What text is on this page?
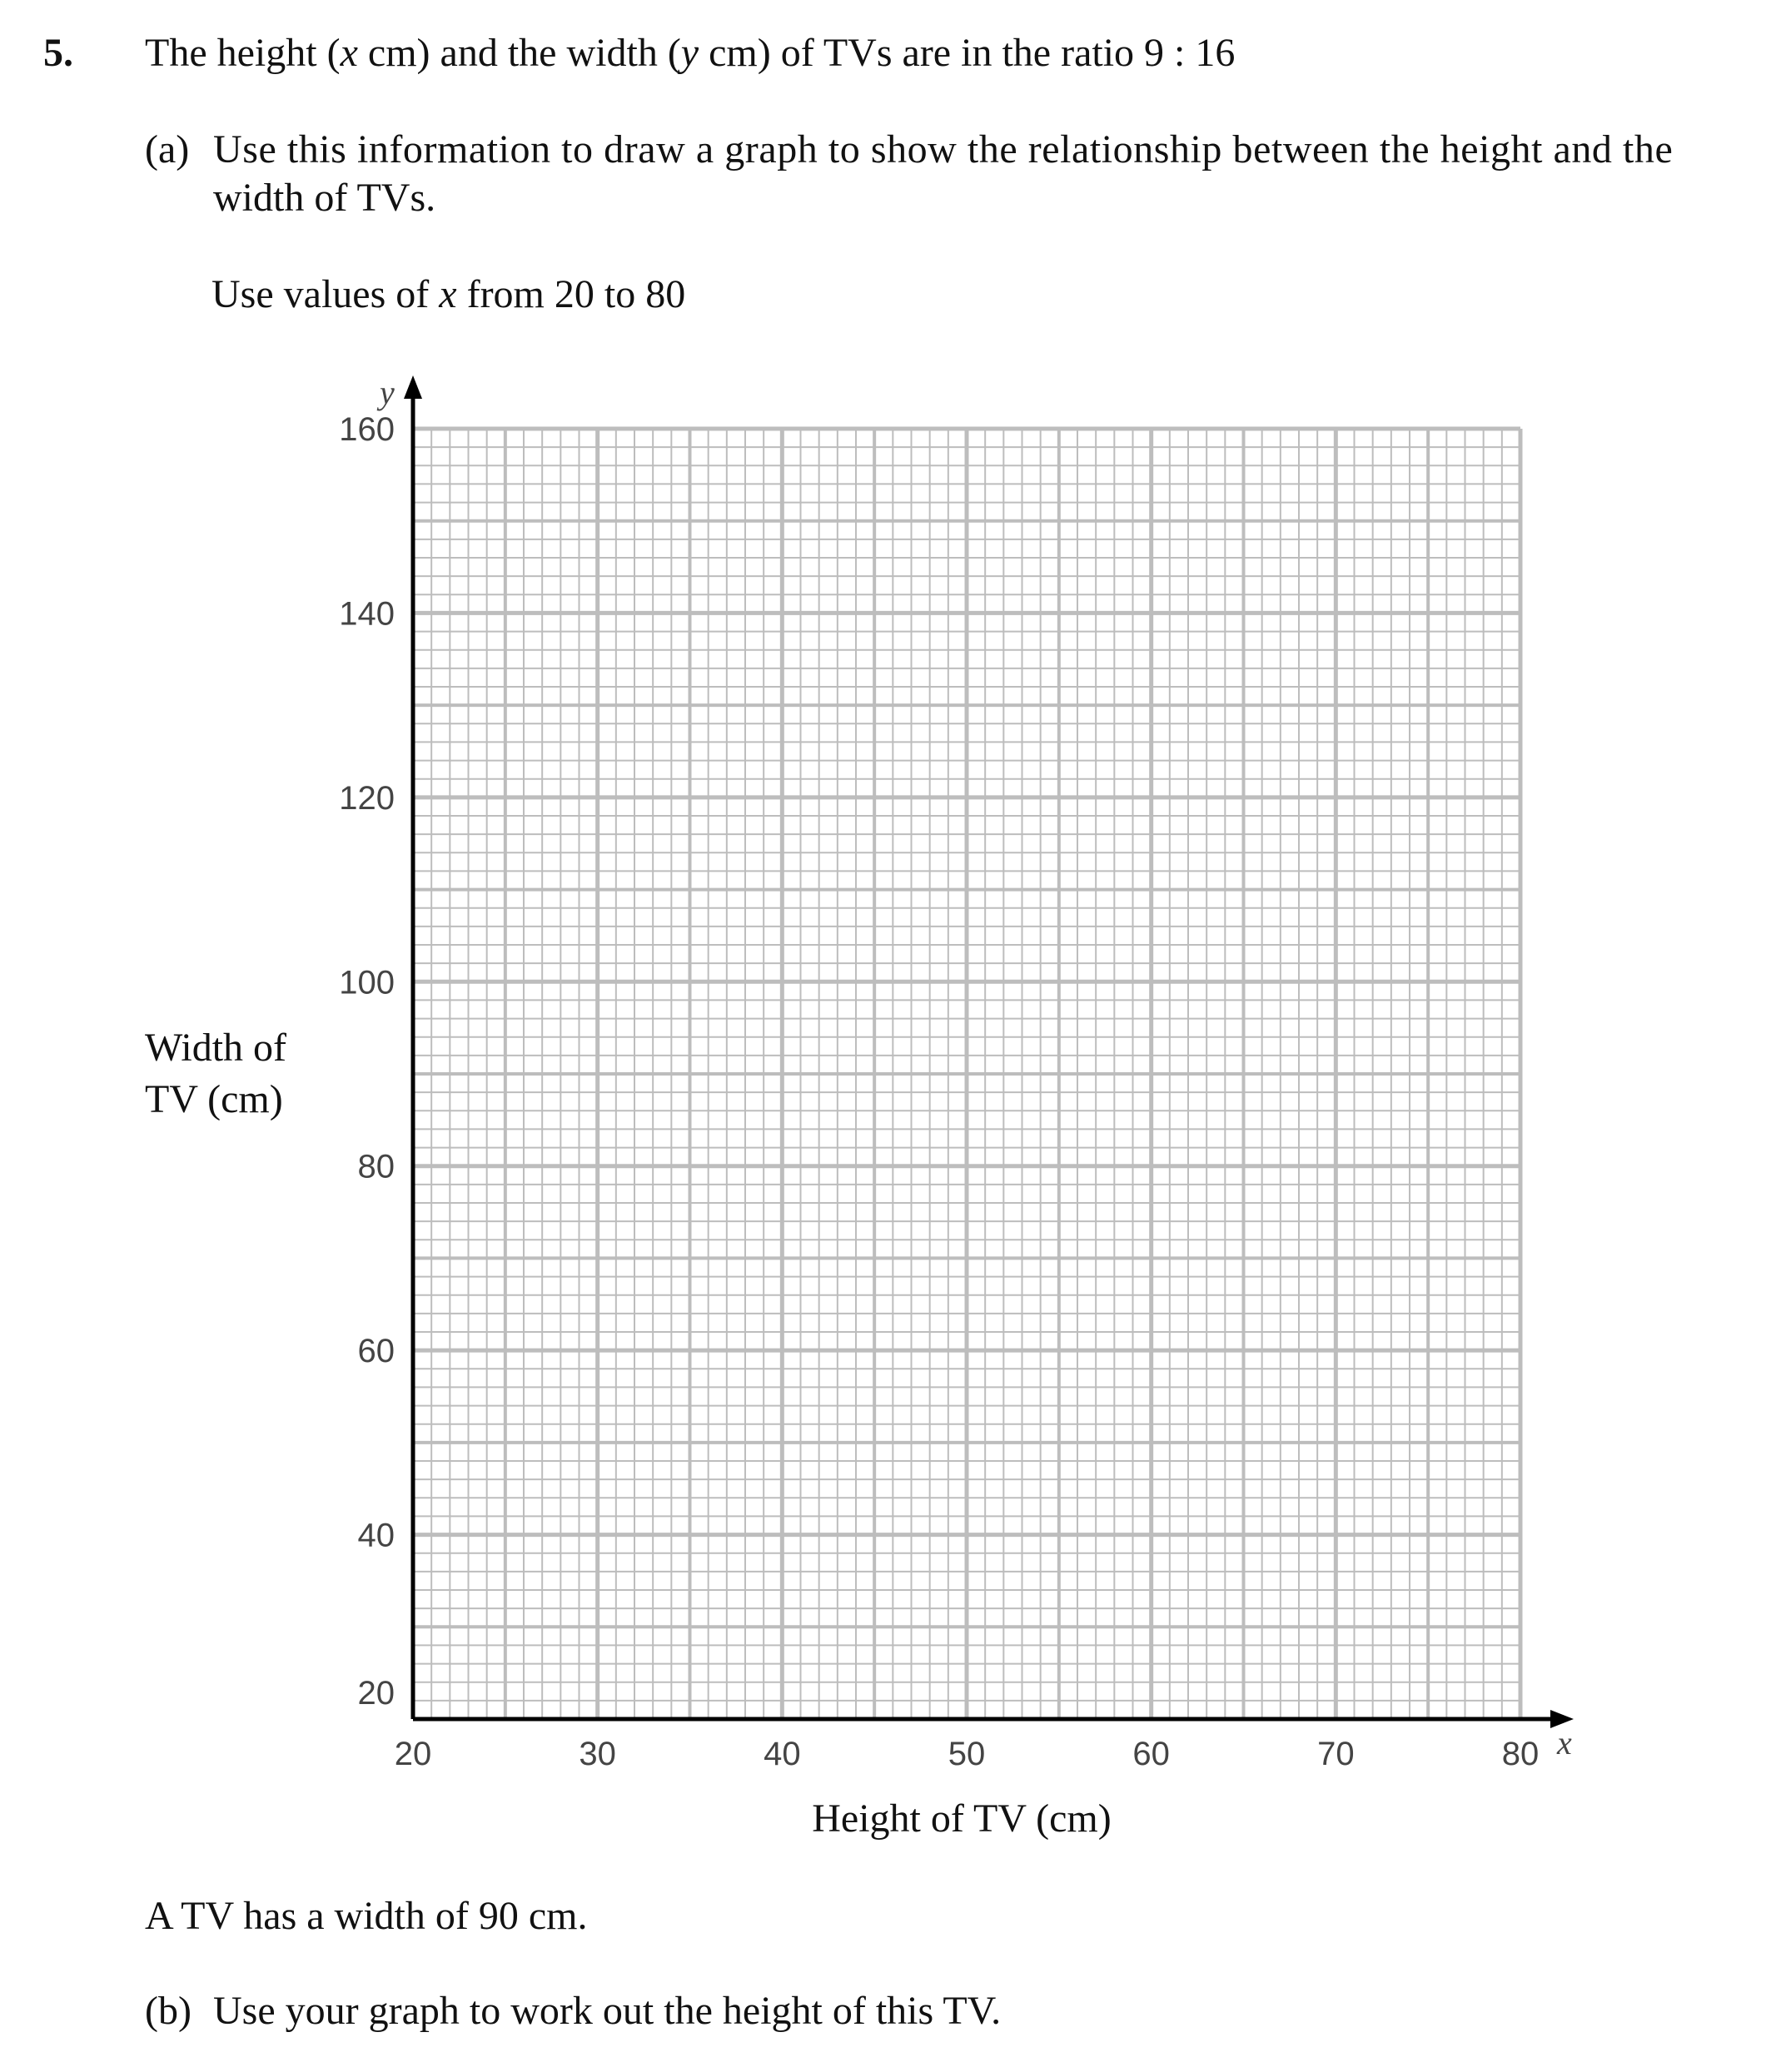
5. The height (x cm) and the width (y cm) of TVs are in the ratio 9 : 16
(a) Use this information to draw a graph to show the relationship between the height and the
width of TVs.
Use values of x from 20 to 80
Width of
TV (cm)
20	30	40	50	60	70	80
20
40
60
80
100
120
140
160
x
y
Height of TV (cm)
A TV has a width of 90 cm.
(b) Use your graph to work out the height of this TV.
